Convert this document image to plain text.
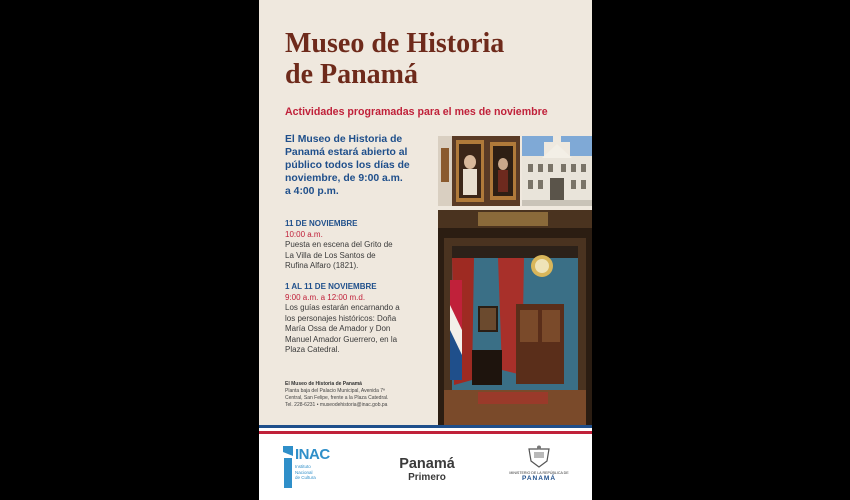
Museo de Historia
de Panamá
Actividades programadas para el mes de noviembre
El Museo de Historia de
Panamá estará abierto al
público todos los días de
noviembre, de 9:00 a.m.
a 4:00 p.m.
11 DE NOVIEMBRE
10:00 a.m.
Puesta en escena del Grito de
La Villa de Los Santos de
Rufina Alfaro (1821).
1 AL 11 DE NOVIEMBRE
9:00 a.m. a 12:00 m.d.
Los guías estarán encarnando a
los personajes históricos: Doña
María Ossa de Amador y Don
Manuel Amador Guerrero, en la
Plaza Catedral.
El Museo de Historia de Panamá
Planta baja del Palacio Municipal, Avenida 7ª
Central, San Felipe, frente a la Plaza Catedral.
Tel. 228-6231 • museodehistoria@inac.gob.pa
INAC
Instituto
Nacional
de Cultura
Panamá
Primero	MINISTERIO DE LA REPÚBLICA DE
PANAMÁ
